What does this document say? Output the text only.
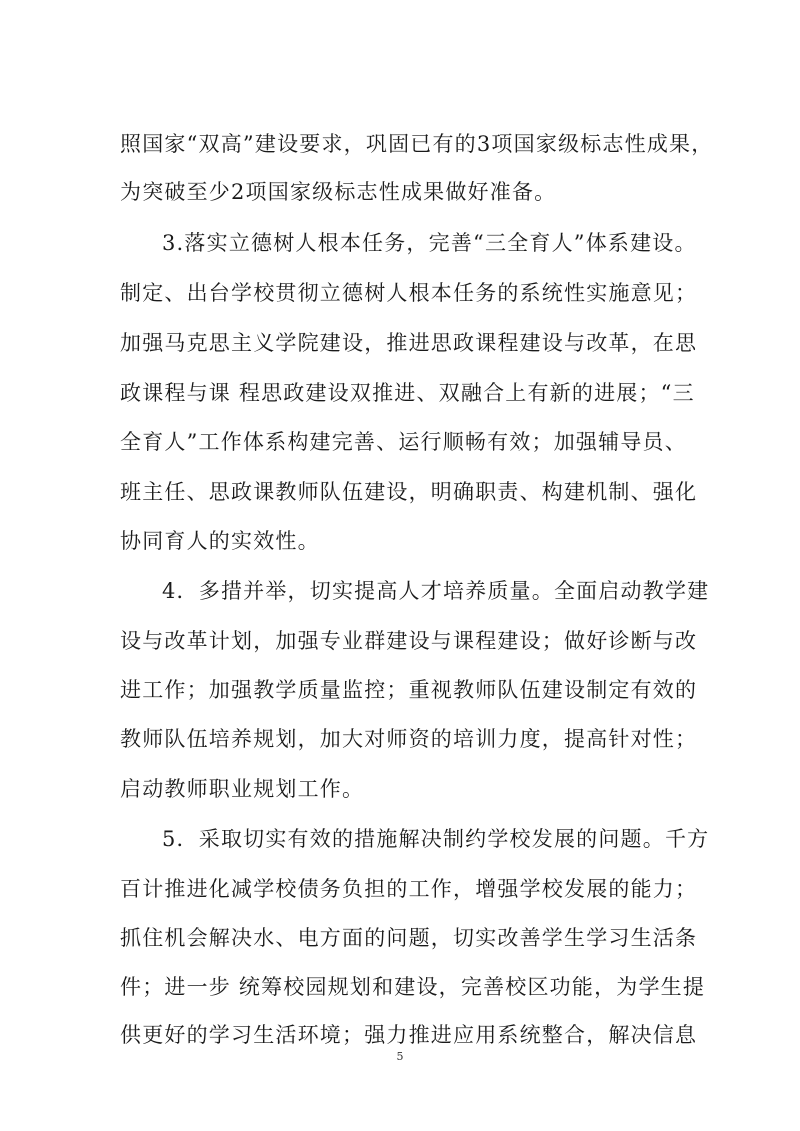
照国家“双高”建设要求，巩固已有的3项国家级标志性成果，
为突破至少2项国家级标志性成果做好准备。
3.落实立德树人根本任务，完善“三全育人”体系建设。
制定、出台学校贯彻立德树人根本任务的系统性实施意见；
加强马克思主义学院建设，推进思政课程建设与改革，在思
政课程与课 程思政建设双推进、双融合上有新的进展；“三
全育人”工作体系构建完善、运行顺畅有效；加强辅导员、
班主任、思政课教师队伍建设，明确职责、构建机制、强化
协同育人的实效性。
4．多措并举，切实提高人才培养质量。全面启动教学建
设与改革计划，加强专业群建设与课程建设；做好诊断与改
进工作；加强教学质量监控；重视教师队伍建设制定有效的
教师队伍培养规划，加大对师资的培训力度，提高针对性；
启动教师职业规划工作。
5．采取切实有效的措施解决制约学校发展的问题。千方
百计推进化减学校债务负担的工作，增强学校发展的能力；
抓住机会解决水、电方面的问题，切实改善学生学习生活条
件；进一步 统筹校园规划和建设，完善校区功能，为学生提
供更好的学习生活环境；强力推进应用系统整合，解决信息
5
